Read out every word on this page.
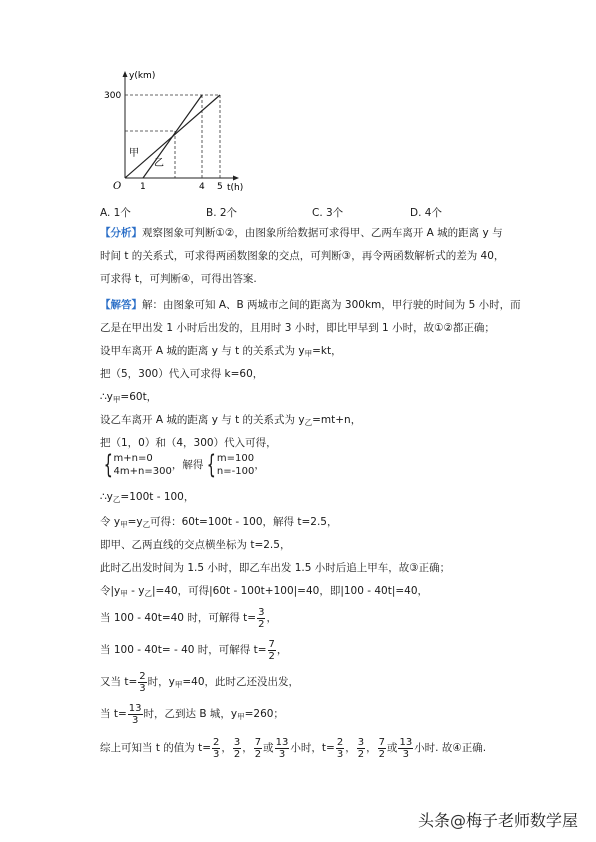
y(km)
t(h)
O
300
1	4 5
甲
乙
A. 1个	B. 2个	C. 3个	D. 4个
【分析】观察图象可判断①②，由图象所给数据可求得甲、乙两车离开 A 城的距离 y 与
时间 t 的关系式，可求得两函数图象的交点，可判断③，再令两函数解析式的差为 40，
可求得 t，可判断④，可得出答案.
【解答】解：由图象可知 A、B 两城市之间的距离为 300km，甲行驶的时间为 5 小时，而
乙是在甲出发 1 小时后出发的，且用时 3 小时，即比甲早到 1 小时，故①②都正确；
设甲车离开 A 城的距离 y 与 t 的关系式为 $y_甲=kt$，
把（5，300）代入可求得 k=60，
$\therefore y_甲=60t$，
设乙车离开 A 城的距离 y 与 t 的关系式为 $y_乙=mt+n$，
把（1，0）和（4，300）代入可得，
{ m+n=0
4m+n=300
，解得 { m=100
n=-100
，
$\therefore y_乙=100t - 100$，
令 $y_甲=y_乙$可得：60t=100t - 100，解得 t=2.5，
即甲、乙两直线的交点横坐标为 t=2.5，
此时乙出发时间为 1.5 小时，即乙车出发 1.5 小时后追上甲车，故③正确；
令$|y_甲 - y_乙|=40$，可得|60t - 100t+100|=40，即|100 - 40t|=40，
当 100 - 40t=40 时，可解得 $t= \frac{3}{2}$ ，
当 100 - 40t= - 40 时，可解得 $t= \frac{7}{2}$ ，
又当 $t= \frac{2}{3}$ 时，$y_甲=40$，此时乙还没出发，
当 $t= \frac{13}{3}$ 时，乙到达 B 城，$y_甲=260$；
综上可知当 t 的值为 $t= \frac{2}{3}$ ， $\frac{3}{2}$ ， $\frac{7}{2}$ 或 $\frac{13}{3}$ 小时，$t= \frac{2}{3}$ ， $\frac{3}{2}$ ， $\frac{7}{2}$ 或 $\frac{13}{3}$ 小时. 故④正确.
头条@梅子老师数学屋
